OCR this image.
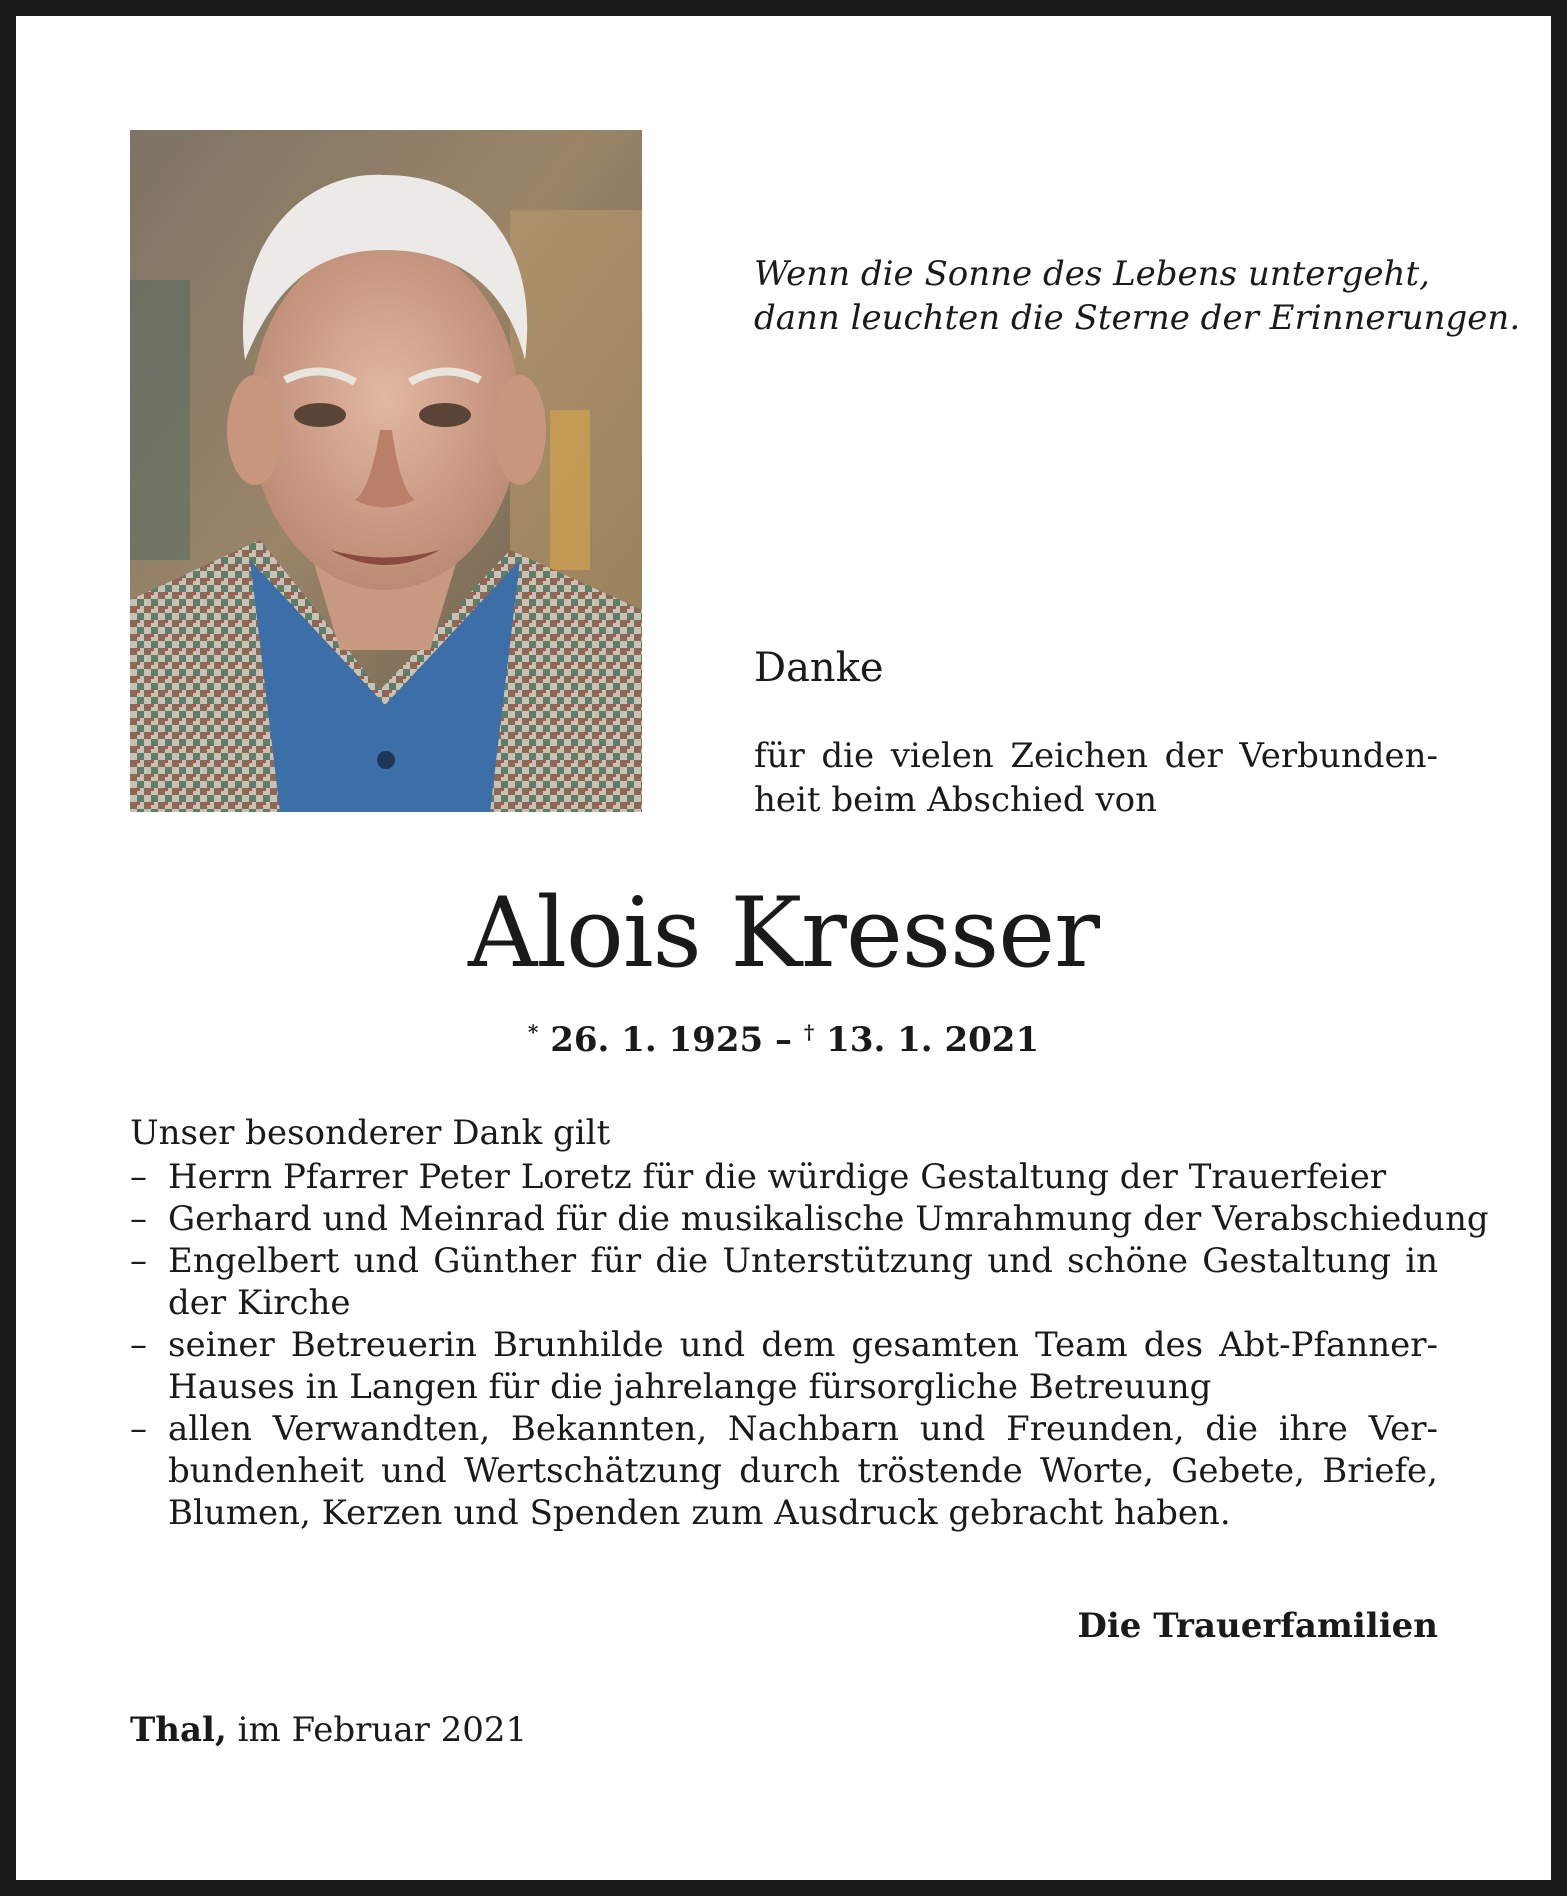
Wenn die Sonne des Lebens untergeht,
dann leuchten die Sterne der Erinnerungen.
Danke
für die vielen Zeichen der Verbunden-
heit beim Abschied von
Alois Kresser
* 26. 1. 1925 – † 13. 1. 2021
Unser besonderer Dank gilt
– Herrn Pfarrer Peter Loretz für die würdige Gestaltung der Trauerfeier
– Gerhard und Meinrad für die musikalische Umrahmung der Verabschiedung
– Engelbert und Günther für die Unterstützung und schöne Gestaltung in
der Kirche
– seiner Betreuerin Brunhilde und dem gesamten Team des Abt-Pfanner-
Hauses in Langen für die jahrelange fürsorgliche Betreuung
– allen Verwandten, Bekannten, Nachbarn und Freunden, die ihre Ver-
bundenheit und Wertschätzung durch tröstende Worte, Gebete, Briefe,
Blumen, Kerzen und Spenden zum Ausdruck gebracht haben.
Die Trauerfamilien
Thal, im Februar 2021
